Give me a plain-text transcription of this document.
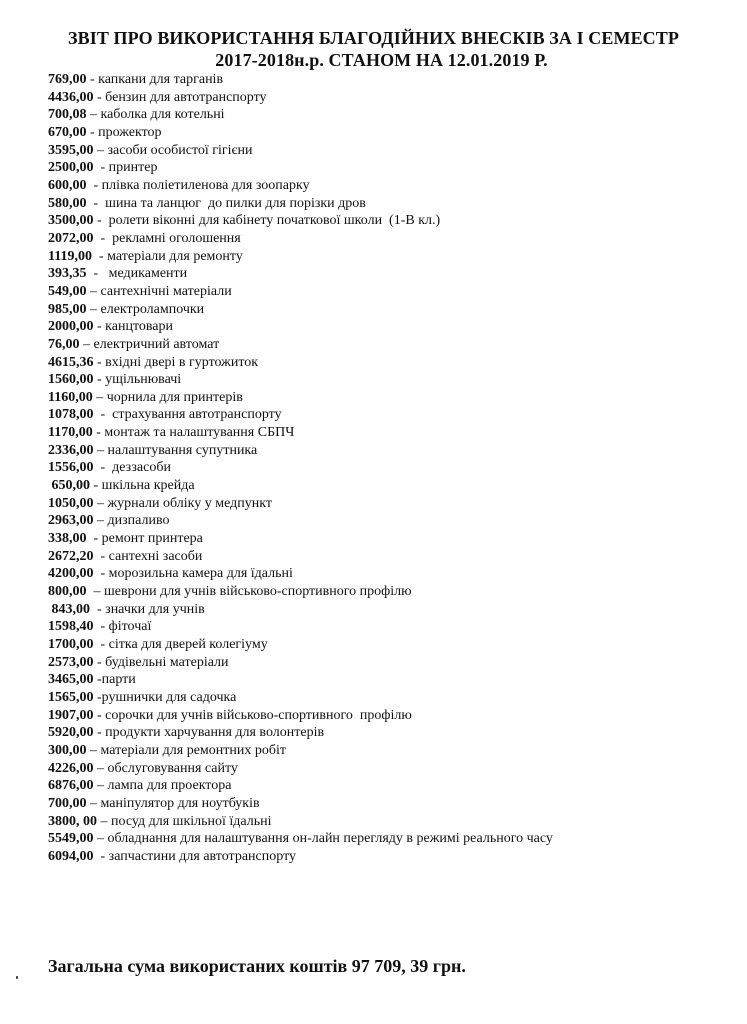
ЗВІТ ПРО ВИКОРИСТАННЯ БЛАГОДІЙНИХ ВНЕСКІВ ЗА І СЕМЕСТР
2017-2018н.р. СТАНОМ НА 12.01.2019 Р.
769,00 - капкани для тарганів
4436,00 - бензин для автотранспорту
700,08 – каболка для котельні
670,00 - прожектор
3595,00 – засоби особистої гігієни
2500,00  - принтер
600,00  - плівка поліетиленова для зоопарку
580,00  -  шина та ланцюг  до пилки для порізки дров
3500,00 -  ролети віконні для кабінету початкової школи  (1-В кл.)
2072,00  -  рекламні оголошення
1119,00  - матеріали для ремонту
393,35  -   медикаменти
549,00 – сантехнічні матеріали
985,00 – електролампочки
2000,00 - канцтовари
76,00 – електричний автомат
4615,36 - вхідні двері в гуртожиток
1560,00 - ущільнювачі
1160,00 – чорнила для принтерів
1078,00  -  страхування автотранспорту
1170,00 - монтаж та налаштування СБПЧ
2336,00 – налаштування супутника
1556,00  -  деззасоби
650,00 - шкільна крейда
1050,00 – журнали обліку у медпункт
2963,00 – дизпаливо
338,00  - ремонт принтера
2672,20  - сантехні засоби
4200,00  - морозильна камера для їдальні
800,00  – шеврони для учнів військово-спортивного профілю
843,00  - значки для учнів
1598,40  - фіточаї
1700,00  - сітка для дверей колегіуму
2573,00 - будівельні матеріали
3465,00 -парти
1565,00 -рушнички для садочка
1907,00 - сорочки для учнів військово-спортивного  профілю
5920,00 - продукти харчування для волонтерів
300,00 – матеріали для ремонтних робіт
4226,00 – обслуговування сайту
6876,00 – лампа для проектора
700,00 – маніпулятор для ноутбуків
3800, 00 – посуд для шкільної їдальні
5549,00 – обладнання для налаштування он-лайн перегляду в режимі реального часу
6094,00  - запчастини для автотранспорту
Загальна сума використаних коштів 97 709, 39 грн.
